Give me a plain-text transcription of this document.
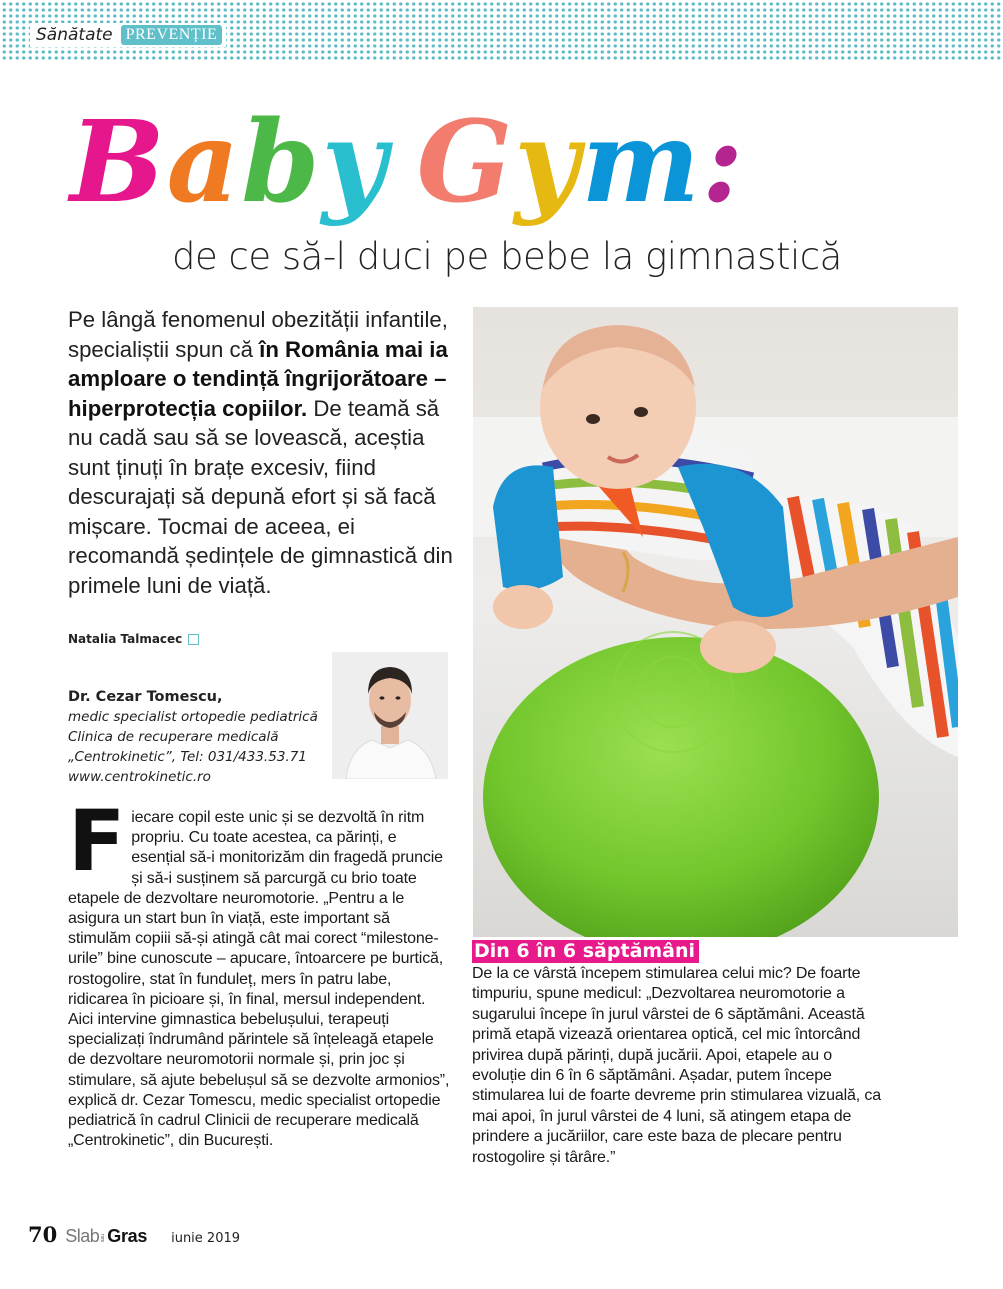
Sănătate PREVENȚIE
Baby Gym:
de ce să-l duci pe bebe la gimnastică

Pe lângă fenomenul obezității infantile, specialiștii spun că în România mai ia amploare o tendință îngrijorătoare – hiperprotecția copiilor. De teamă să nu cadă sau să se lovească, aceștia sunt ținuți în brațe excesiv, fiind descurajați să depună efort și să facă mișcare. Tocmai de aceea, ei recomandă ședințele de gimnastică din primele luni de viață.

Natalia Talmacec
Dr. Cezar Tomescu,
medic specialist ortopedie pediatrică
Clinica de recuperare medicală
„Centrokinetic”, Tel: 031/433.53.71
www.centrokinetic.ro
Fiecare copil este unic și se dezvoltă în ritm propriu. Cu toate acestea, ca părinți, e esențial să-i monitorizăm din fragedă pruncie și să-i susținem să parcurgă cu brio toate etapele de dezvoltare neuromotorie. „Pentru a le asigura un start bun în viață, este important să stimulăm copiii să-și atingă cât mai corect “milestone-urile” bine cunoscute – apucare, întoarcere pe burtică, rostogolire, stat în funduleț, mers în patru labe, ridicarea în picioare și, în final, mersul independent. Aici intervine gimnastica bebelușului, terapeuți specializați îndrumând părintele să înțeleagă etapele de dezvoltare neuromotorii normale și, prin joc și stimulare, să ajute bebelușul să se dezvolte armonios”, explică dr. Cezar Tomescu, medic specialist ortopedie pediatrică în cadrul Clinicii de recuperare medicală „Centrokinetic”, din București.
Din 6 în 6 săptămâni
De la ce vârstă începem stimularea celui mic? De foarte timpuriu, spune medicul: „Dezvoltarea neuromotorie a sugarului începe în jurul vârstei de 6 săptămâni. Această primă etapă vizează orientarea optică, cel mic întorcând privirea după părinți, după jucării. Apoi, etapele au o evoluție din 6 în 6 săptămâni. Așadar, putem începe stimularea lui de foarte devreme prin stimularea vizuală, ca mai apoi, în jurul vârstei de 4 luni, să atingem etapa de prindere a jucăriilor, care este baza de plecare pentru rostogolire și târâre.”
70 Slab sau Gras iunie 2019
